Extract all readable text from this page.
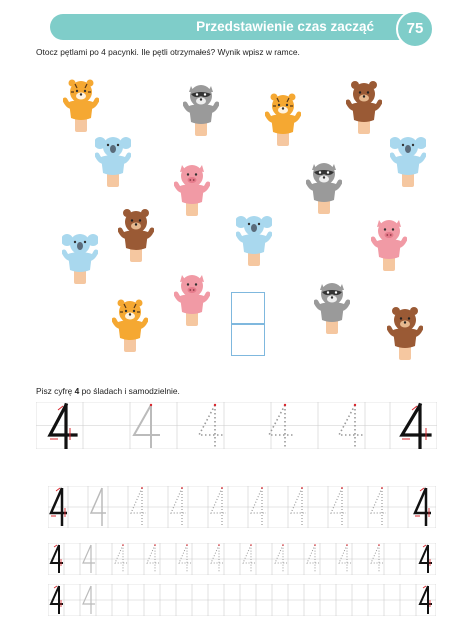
Przedstawienie czas zacząć	75
Otocz pętlami po 4 pacynki. Ile pętli otrzymałeś? Wynik wpisz w ramce.
Pisz cyfrę 4 po śladach i samodzielnie.
